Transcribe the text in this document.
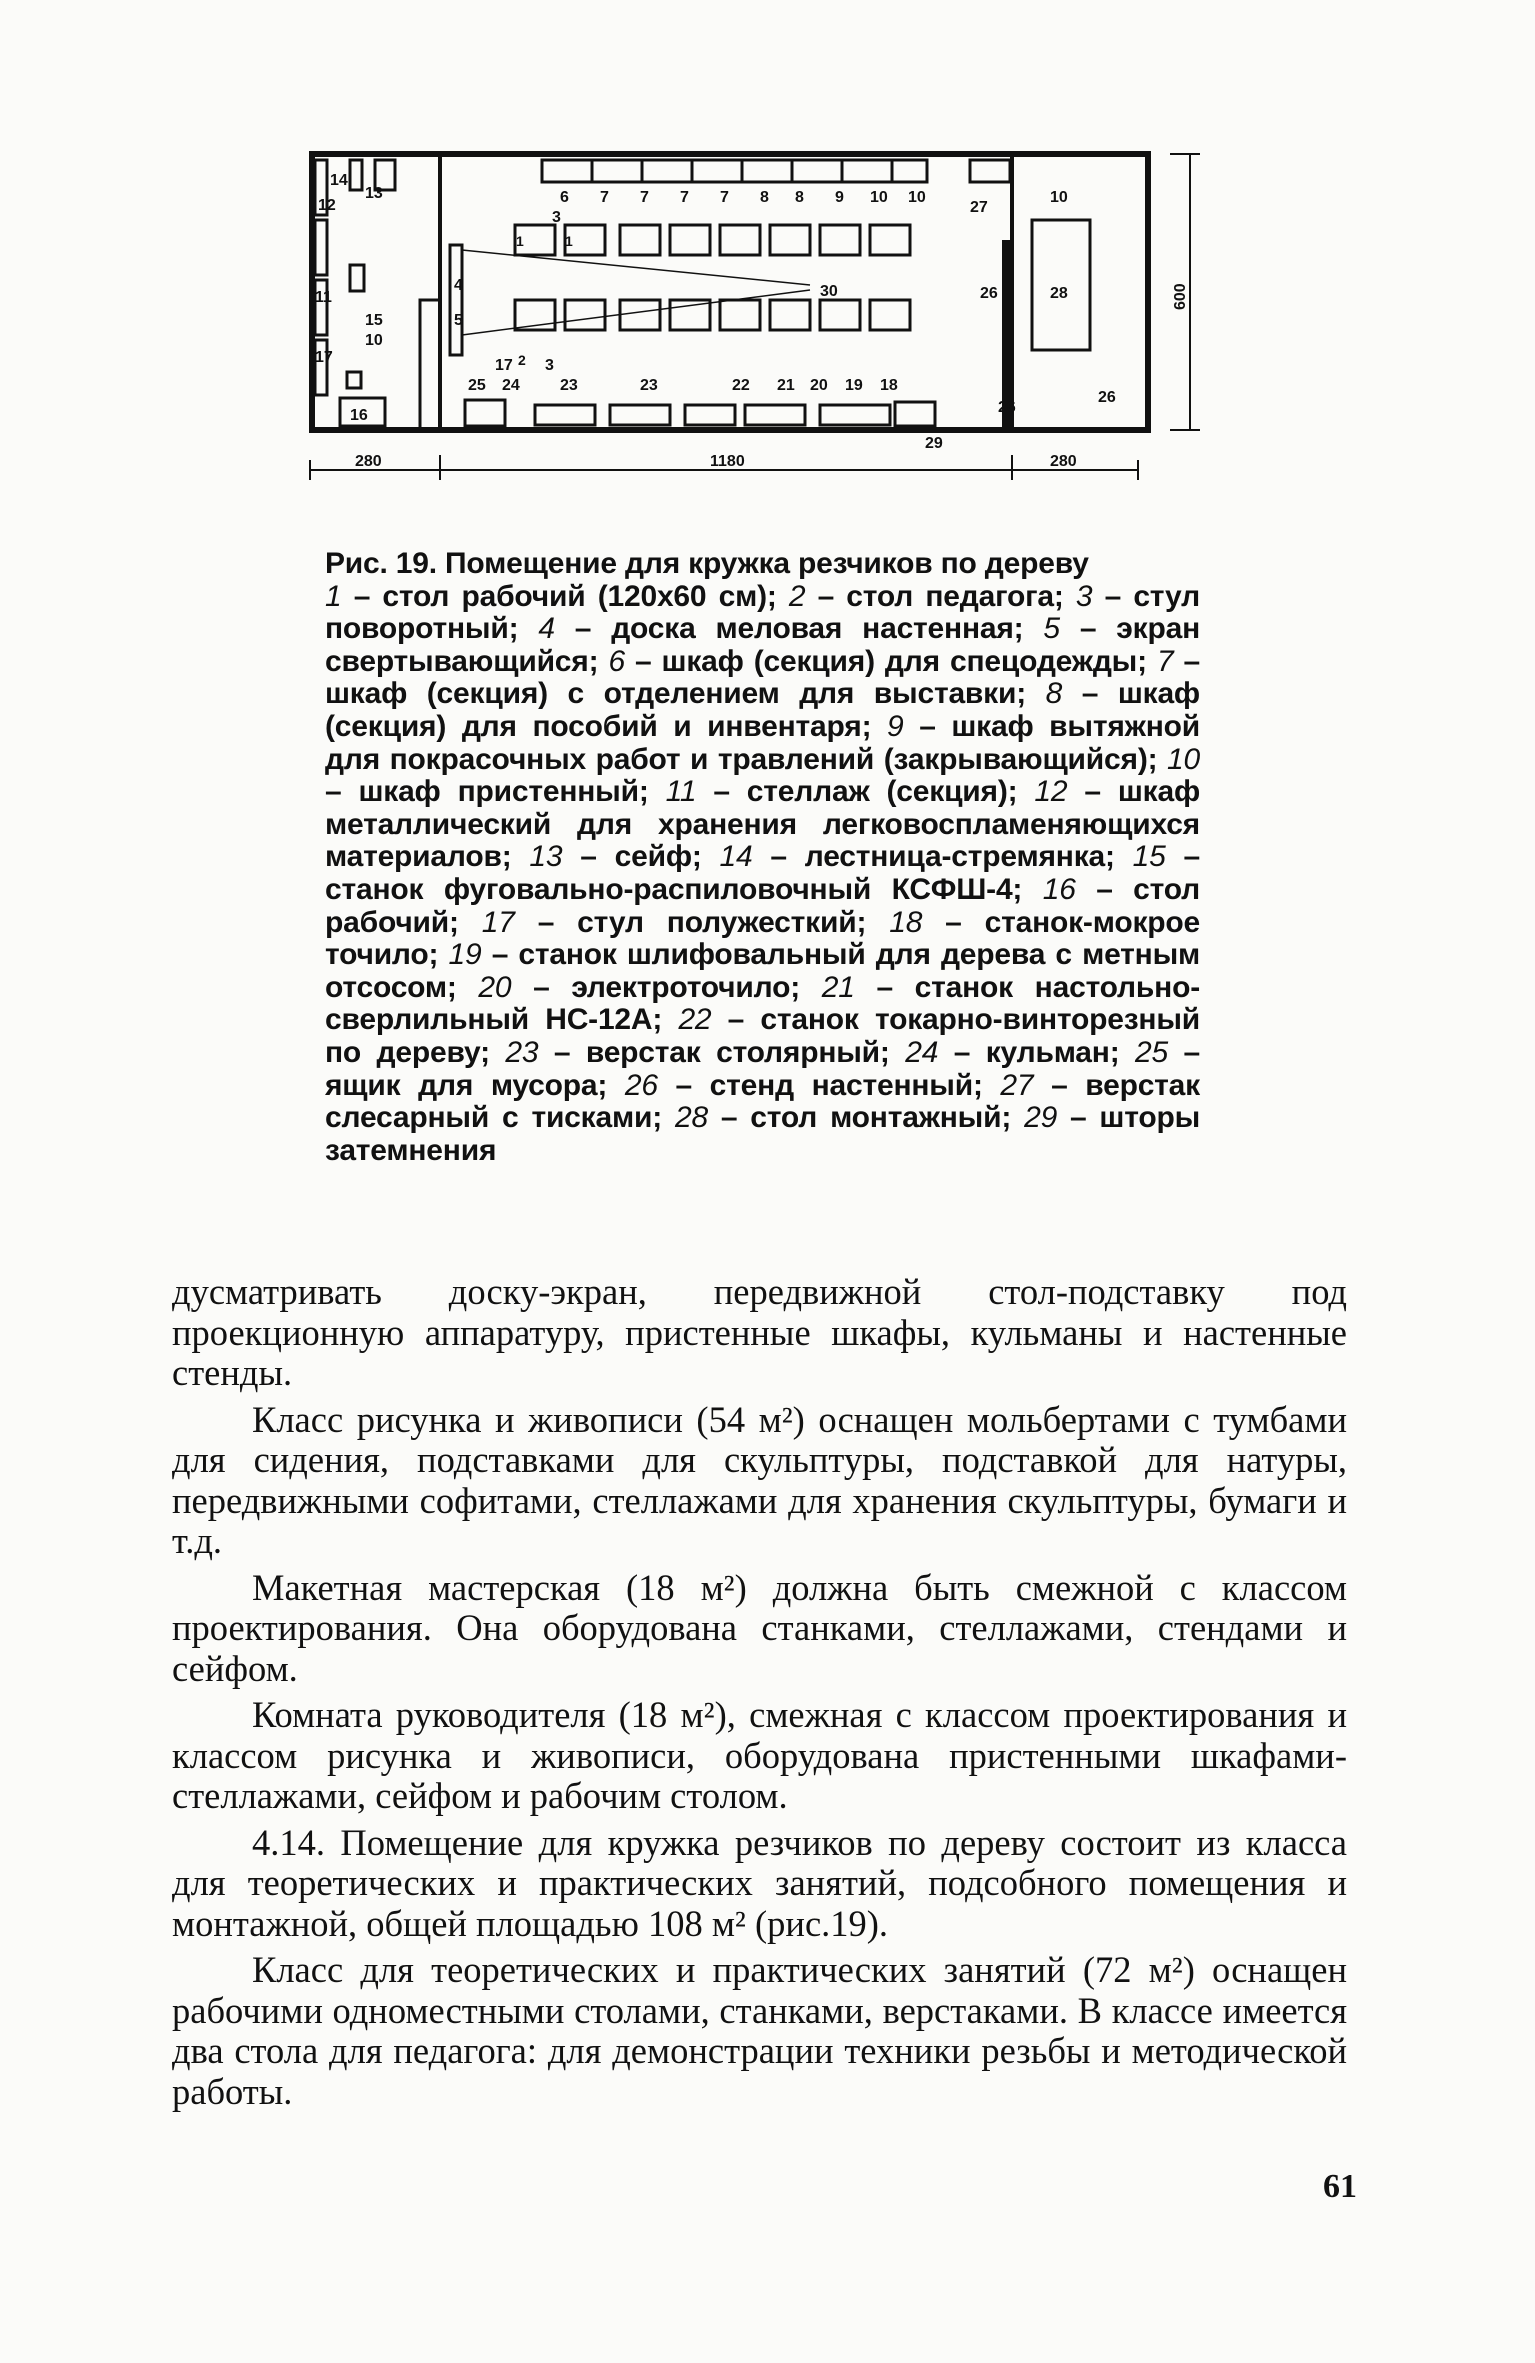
14
13
12
11
15
10
17
16
4
5
6 7 7 7 7 8 8 9 10 10	10
27
3
1	1
30	26	28
2
17 3
25 24	23	23	22 21 20 19 18
26
26
29
280	1180	280
600
Рис. 19. Помещение для кружка резчиков по дереву
1 – стол рабочий (120х60 см); 2 – стол педагога; 3 – стул поворотный; 4 – доска меловая настенная; 5 – экран свертывающийся; 6 – шкаф (секция) для спецодежды; 7 – шкаф (секция) с отделением для выставки; 8 – шкаф (секция) для пособий и инвентаря; 9 – шкаф вытяжной для покрасочных работ и травлений (закрывающийся); 10 – шкаф пристенный; 11 – стеллаж (секция); 12 – шкаф металлический для хранения легковоспламеняющихся материалов; 13 – сейф; 14 – лестница-стремянка; 15 – станок фуговально-распиловочный КСФШ-4; 16 – стол рабочий; 17 – стул полужесткий; 18 – станок-мокрое точило; 19 – станок шлифовальный для дерева с метным отсосом; 20 – электроточило; 21 – станок настольно-сверлильный НС-12А; 22 – станок токарно-винторезный по дереву; 23 – верстак столярный; 24 – кульман; 25 – ящик для мусора; 26 – стенд настенный; 27 – верстак слесарный с тисками; 28 – стол монтажный; 29 – шторы затемнения

дусматривать доску-экран, передвижной стол-подставку под проекционную аппаратуру, пристенные шкафы, кульманы и настенные стенды.

Класс рисунка и живописи (54 м²) оснащен мольбертами с тумбами для сидения, подставками для скульптуры, подставкой для натуры, передвижными софитами, стеллажами для хранения скульптуры, бумаги и т.д.

Макетная мастерская (18 м²) должна быть смежной с классом проектирования. Она оборудована станками, стеллажами, стендами и сейфом.

Комната руководителя (18 м²), смежная с классом проектирования и классом рисунка и живописи, оборудована пристенными шкафами-стеллажами, сейфом и рабочим столом.

4.14. Помещение для кружка резчиков по дереву состоит из класса для теоретических и практических занятий, подсобного помещения и монтажной, общей площадью 108 м² (рис.19).

Класс для теоретических и практических занятий (72 м²) оснащен рабочими одноместными столами, станками, верстаками. В классе имеется два стола для педагога: для демонстрации техники резьбы и методической работы.

61
